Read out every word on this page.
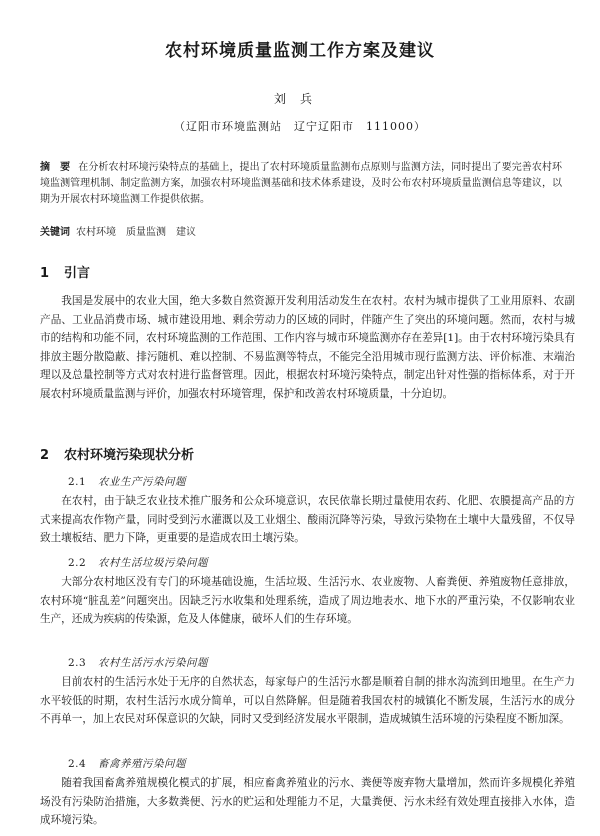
农村环境质量监测工作方案及建议
刘兵
（辽阳市环境监测站　辽宁辽阳市　111000）
摘　要 在分析农村环境污染特点的基础上，提出了农村环境质量监测布点原则与监测方法，同时提出了要完善农村环境监测管理机制、制定监测方案，加强农村环境监测基础和技术体系建设，及时公布农村环境质量监测信息等建议，以期为开展农村环境监测工作提供依据。
关键词 农村环境　质量监测　建议
1 引言

我国是发展中的农业大国，绝大多数自然资源开发利用活动发生在农村。农村为城市提供了工业用原料、农副产品、工业品消费市场、城市建设用地、剩余劳动力的区域的同时，伴随产生了突出的环境问题。然而，农村与城市的结构和功能不同，农村环境监测的工作范围、工作内容与城市环境监测亦存在差异[1]。由于农村环境污染具有排放主题分散隐蔽、排污随机、难以控制、不易监测等特点，不能完全沿用城市现行监测方法、评价标准、末端治理以及总量控制等方式对农村进行监督管理。因此，根据农村环境污染特点，制定出针对性强的指标体系，对于开展农村环境质量监测与评价，加强农村环境管理，保护和改善农村环境质量，十分迫切。

2 农村环境污染现状分析
2.1 农业生产污染问题

在农村，由于缺乏农业技术推广服务和公众环境意识，农民依靠长期过量使用农药、化肥、农膜提高产品的方式来提高农作物产量，同时受到污水灌溉以及工业烟尘、酸雨沉降等污染，导致污染物在土壤中大量残留，不仅导致土壤板结、肥力下降，更重要的是造成农田土壤污染。

2.2 农村生活垃圾污染问题

大部分农村地区没有专门的环境基础设施，生活垃圾、生活污水、农业废物、人畜粪便、养殖废物任意排放，农村环境“脏乱差”问题突出。因缺乏污水收集和处理系统，造成了周边地表水、地下水的严重污染，不仅影响农业生产，还成为疾病的传染源，危及人体健康，破坏人们的生存环境。

2.3 农村生活污水污染问题

目前农村的生活污水处于无序的自然状态，每家每户的生活污水都是顺着自制的排水沟流到田地里。在生产力水平较低的时期，农村生活污水成分简单，可以自然降解。但是随着我国农村的城镇化不断发展，生活污水的成分不再单一，加上农民对环保意识的欠缺，同时又受到经济发展水平限制，造成城镇生活环境的污染程度不断加深。

2.4 畜禽养殖污染问题

随着我国畜禽养殖规模化模式的扩展，相应畜禽养殖业的污水、粪便等废弃物大量增加，然而许多规模化养殖场没有污染防治措施，大多数粪便、污水的贮运和处理能力不足，大量粪便、污水未经有效处理直接排入水体，造成环境污染。
